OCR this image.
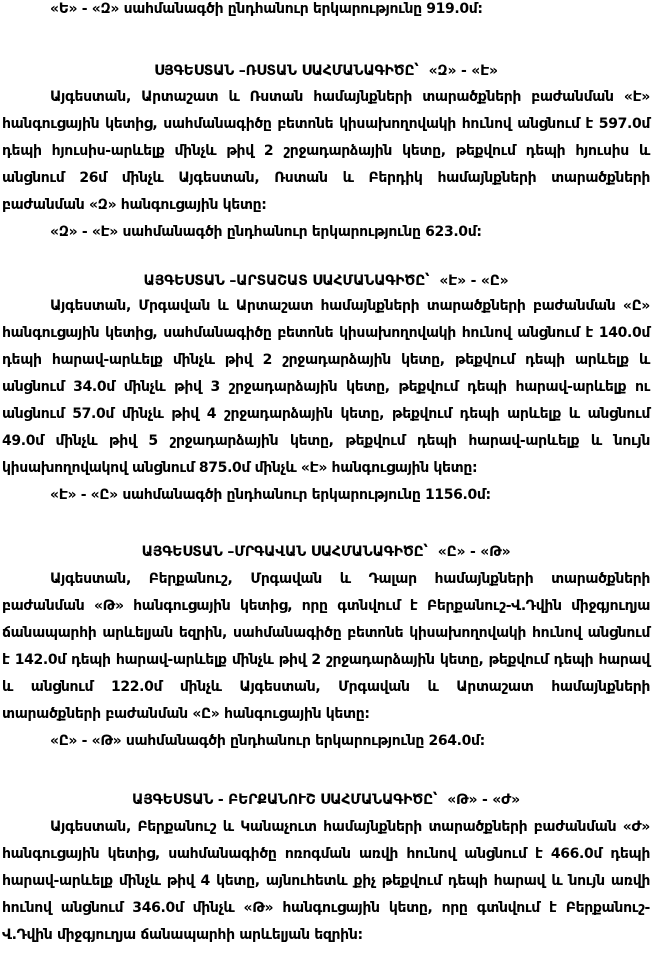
«Ե» - «Զ» սահմանագծի ընդհանուր երկարությունը 919.0մ:
ՍՅԳԵՍՏԱՆ –ՌՍՏԱՆ ՍԱՀՄԱՆԱԳԻԾԸ՝ «Զ» - «Է»
Այգեստան, Արտաշատ և Ռստան համայնքների տարածքների բաժանման «Է»
հանգուցային կետից, սահմանագիծը բետոնե կիսախողովակի հունով անցնում է 597.0մ
դեպի հյուսիս-արևելք մինչև թիվ 2 շրջադարձային կետը, թեքվում դեպի հյուսիս և
անցնում 26մ մինչև Այգեստան, Ռստան և Բերդիկ համայնքների տարածքների
բաժանման «Զ» հանգուցային կետը:
«Զ» - «Է» սահմանագծի ընդհանուր երկարությունը 623.0մ:
ԱՅԳԵՍՏԱՆ –ԱՐՏԱՇԱՏ ՍԱՀՄԱՆԱԳԻԾԸ՝ «Է» - «Ը»
Այգեստան, Մրգավան և Արտաշատ համայնքների տարածքների բաժանման «Ը»
հանգուցային կետից, սահմանագիծը բետոնե կիսախողովակի հունով անցնում է 140.0մ
դեպի հարավ-արևելք մինչև թիվ 2 շրջադարձային կետը, թեքվում դեպի արևելք և
անցնում 34.0մ մինչև թիվ 3 շրջադարձային կետը, թեքվում դեպի հարավ-արևելք ու
անցնում 57.0մ մինչև թիվ 4 շրջադարձային կետը, թեքվում դեպի արևելք և անցնում
49.0մ մինչև թիվ 5 շրջադարձային կետը, թեքվում դեպի հարավ-արևելք և նույն
կիսախողովակով անցնում 875.0մ մինչև «Է» հանգուցային կետը:
«Է» - «Ը» սահմանագծի ընդհանուր երկարությունը 1156.0մ:
ԱՅԳԵՍՏԱՆ –ՄՐԳԱՎԱՆ ՍԱՀՄԱՆԱԳԻԾԸ՝ «Ը» - «Թ»
Այգեստան, Բերքանուշ, Մրգավան և Դալար համայնքների տարածքների
բաժանման «Թ» հանգուցային կետից, որը գտնվում է Բերքանուշ-Վ.Դվին միջգյուղյա
ճանապարհի արևելյան եզրին, սահմանագիծը բետոնե կիսախողովակի հունով անցնում
է 142.0մ դեպի հարավ-արևելք մինչև թիվ 2 շրջադարձային կետը, թեքվում դեպի հարավ
և անցնում 122.0մ մինչև Այգեստան, Մրգավան և Արտաշատ համայնքների
տարածքների բաժանման «Ը» հանգուցային կետը:
«Ը» - «Թ» սահմանագծի ընդհանուր երկարությունը 264.0մ:
ԱՅԳԵՍՏԱՆ - ԲԵՐՔԱՆՈՒՇ ՍԱՀՄԱՆԱԳԻԾԸ՝ «Թ» - «Ժ»
Այգեստան, Բերքանուշ և Կանաչուտ համայնքների տարածքների բաժանման «Ժ»
հանգուցային կետից, սահմանագիծը ոռոգման առվի հունով անցնում է 466.0մ դեպի
հարավ-արևելք մինչև թիվ 4 կետը, այնուհետև քիչ թեքվում դեպի հարավ և նույն առվի
հունով անցնում 346.0մ մինչև «Թ» հանգուցային կետը, որը գտնվում է Բերքանուշ-
Վ.Դվին միջգյուղյա ճանապարհի արևելյան եզրին:
